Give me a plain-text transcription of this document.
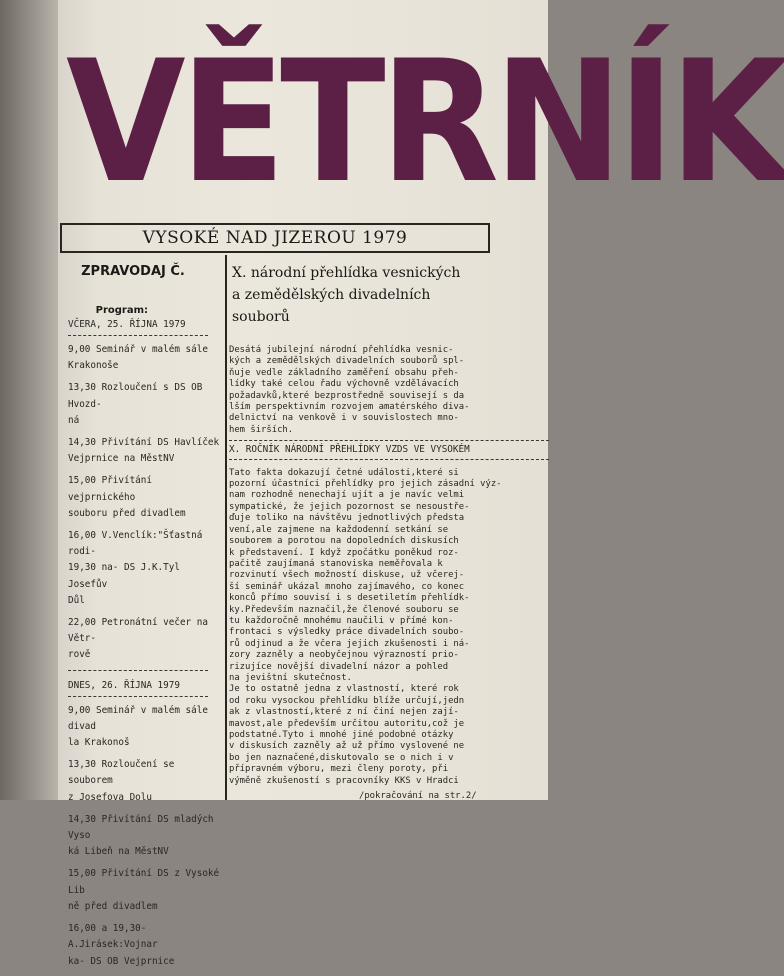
VĚTRNÍK
VYSOKÉ NAD JIZEROU 1979
ZPRAVODAJ Č.	X. národní přehlídka vesnických
a zemědělských divadelních
souborů
Program:
VČERA, 25. ŘÍJNA 1979
9,00 Seminář v malém sále
Krakonoše
13,30 Rozloučení s DS OB Hvozd-
ná
14,30 Přivítání DS Havlíček
Vejprnice na MěstNV
15,00 Přivítání vejprnického
souboru před divadlem
16,00 V.Venclík:"Šťastná rodi-
19,30 na- DS J.K.Tyl Josefův
Důl
22,00 Petronátní večer na Větr-
rově
DNES, 26. ŘÍJNA 1979
9,00 Seminář v malém sále divad
la Krakonoš
13,30 Rozloučení se souborem
z Josefova Dolu
14,30 Přivítání DS mladých Vyso
ká Libeň na MěstNV
15,00 Přivítání DS z Vysoké Lib
ně před divadlem
16,00 a 19,30-A.Jirásek:Vojnar
ka- DS OB Vejprnice
Desátá jubilejní národní přehlídka vesnic-
kých a zemědělských divadelních souborů spl-
ňuje vedle základního zaměření obsahu přeh-
lídky také celou řadu výchovně vzdělávacích
požadavků,které bezprostředně souvisejí s da
lším perspektivním rozvojem amatérského diva-
delnictví na venkově i v souvislostech mno-
hem širších.
X. ROČNÍK NÁRODNÍ PŘEHLÍDKY VZDS VE VYSOKÉM
Tato fakta dokazují četné události,které si
pozorní účastníci přehlídky pro jejich zásadní výz-
nam rozhodně nenechají ujít a je navíc velmi
sympatické, že jejich pozornost se nesoustře-
ďuje toliko na návštěvu jednotlivých předsta
vení,ale zajmene na každodenní setkání se
souborem a porotou na dopoledních diskusích
k představení. I když zpočátku poněkud roz-
pačitě zaujímaná stanoviska neměřovala k
rozvinutí všech možností diskuse, už včerej-
ší seminář ukázal mnoho zajímavého, co konec
konců přímo souvisí i s desetiletím přehlídk-
ky.Především naznačil,že členové souboru se
tu každoročně mnohému naučili v přímé kon-
frontaci s výsledky práce divadelních soubo-
rů odjinud a že včera jejich zkušenosti i ná-
zory zazněly a neobyčejnou výrazností prio-
rizujíce novější divadelní názor a pohled
na jevištní skutečnost.
Je to ostatně jedna z vlastností, které rok
od roku vysockou přehlídku blíže určují,jedn
ak z vlastností,které z ní činí nejen zají-
mavost,ale především určitou autoritu,což je
podstatné.Tyto i mnohé jiné podobné otázky
v diskusích zazněly až už přímo vyslovené ne
bo jen naznačené,diskutovalo se o nich i v
přípravném výboru, mezi členy poroty, při
výměně zkušeností s pracovníky KKS v Hradci
/pokračování na str.2/
